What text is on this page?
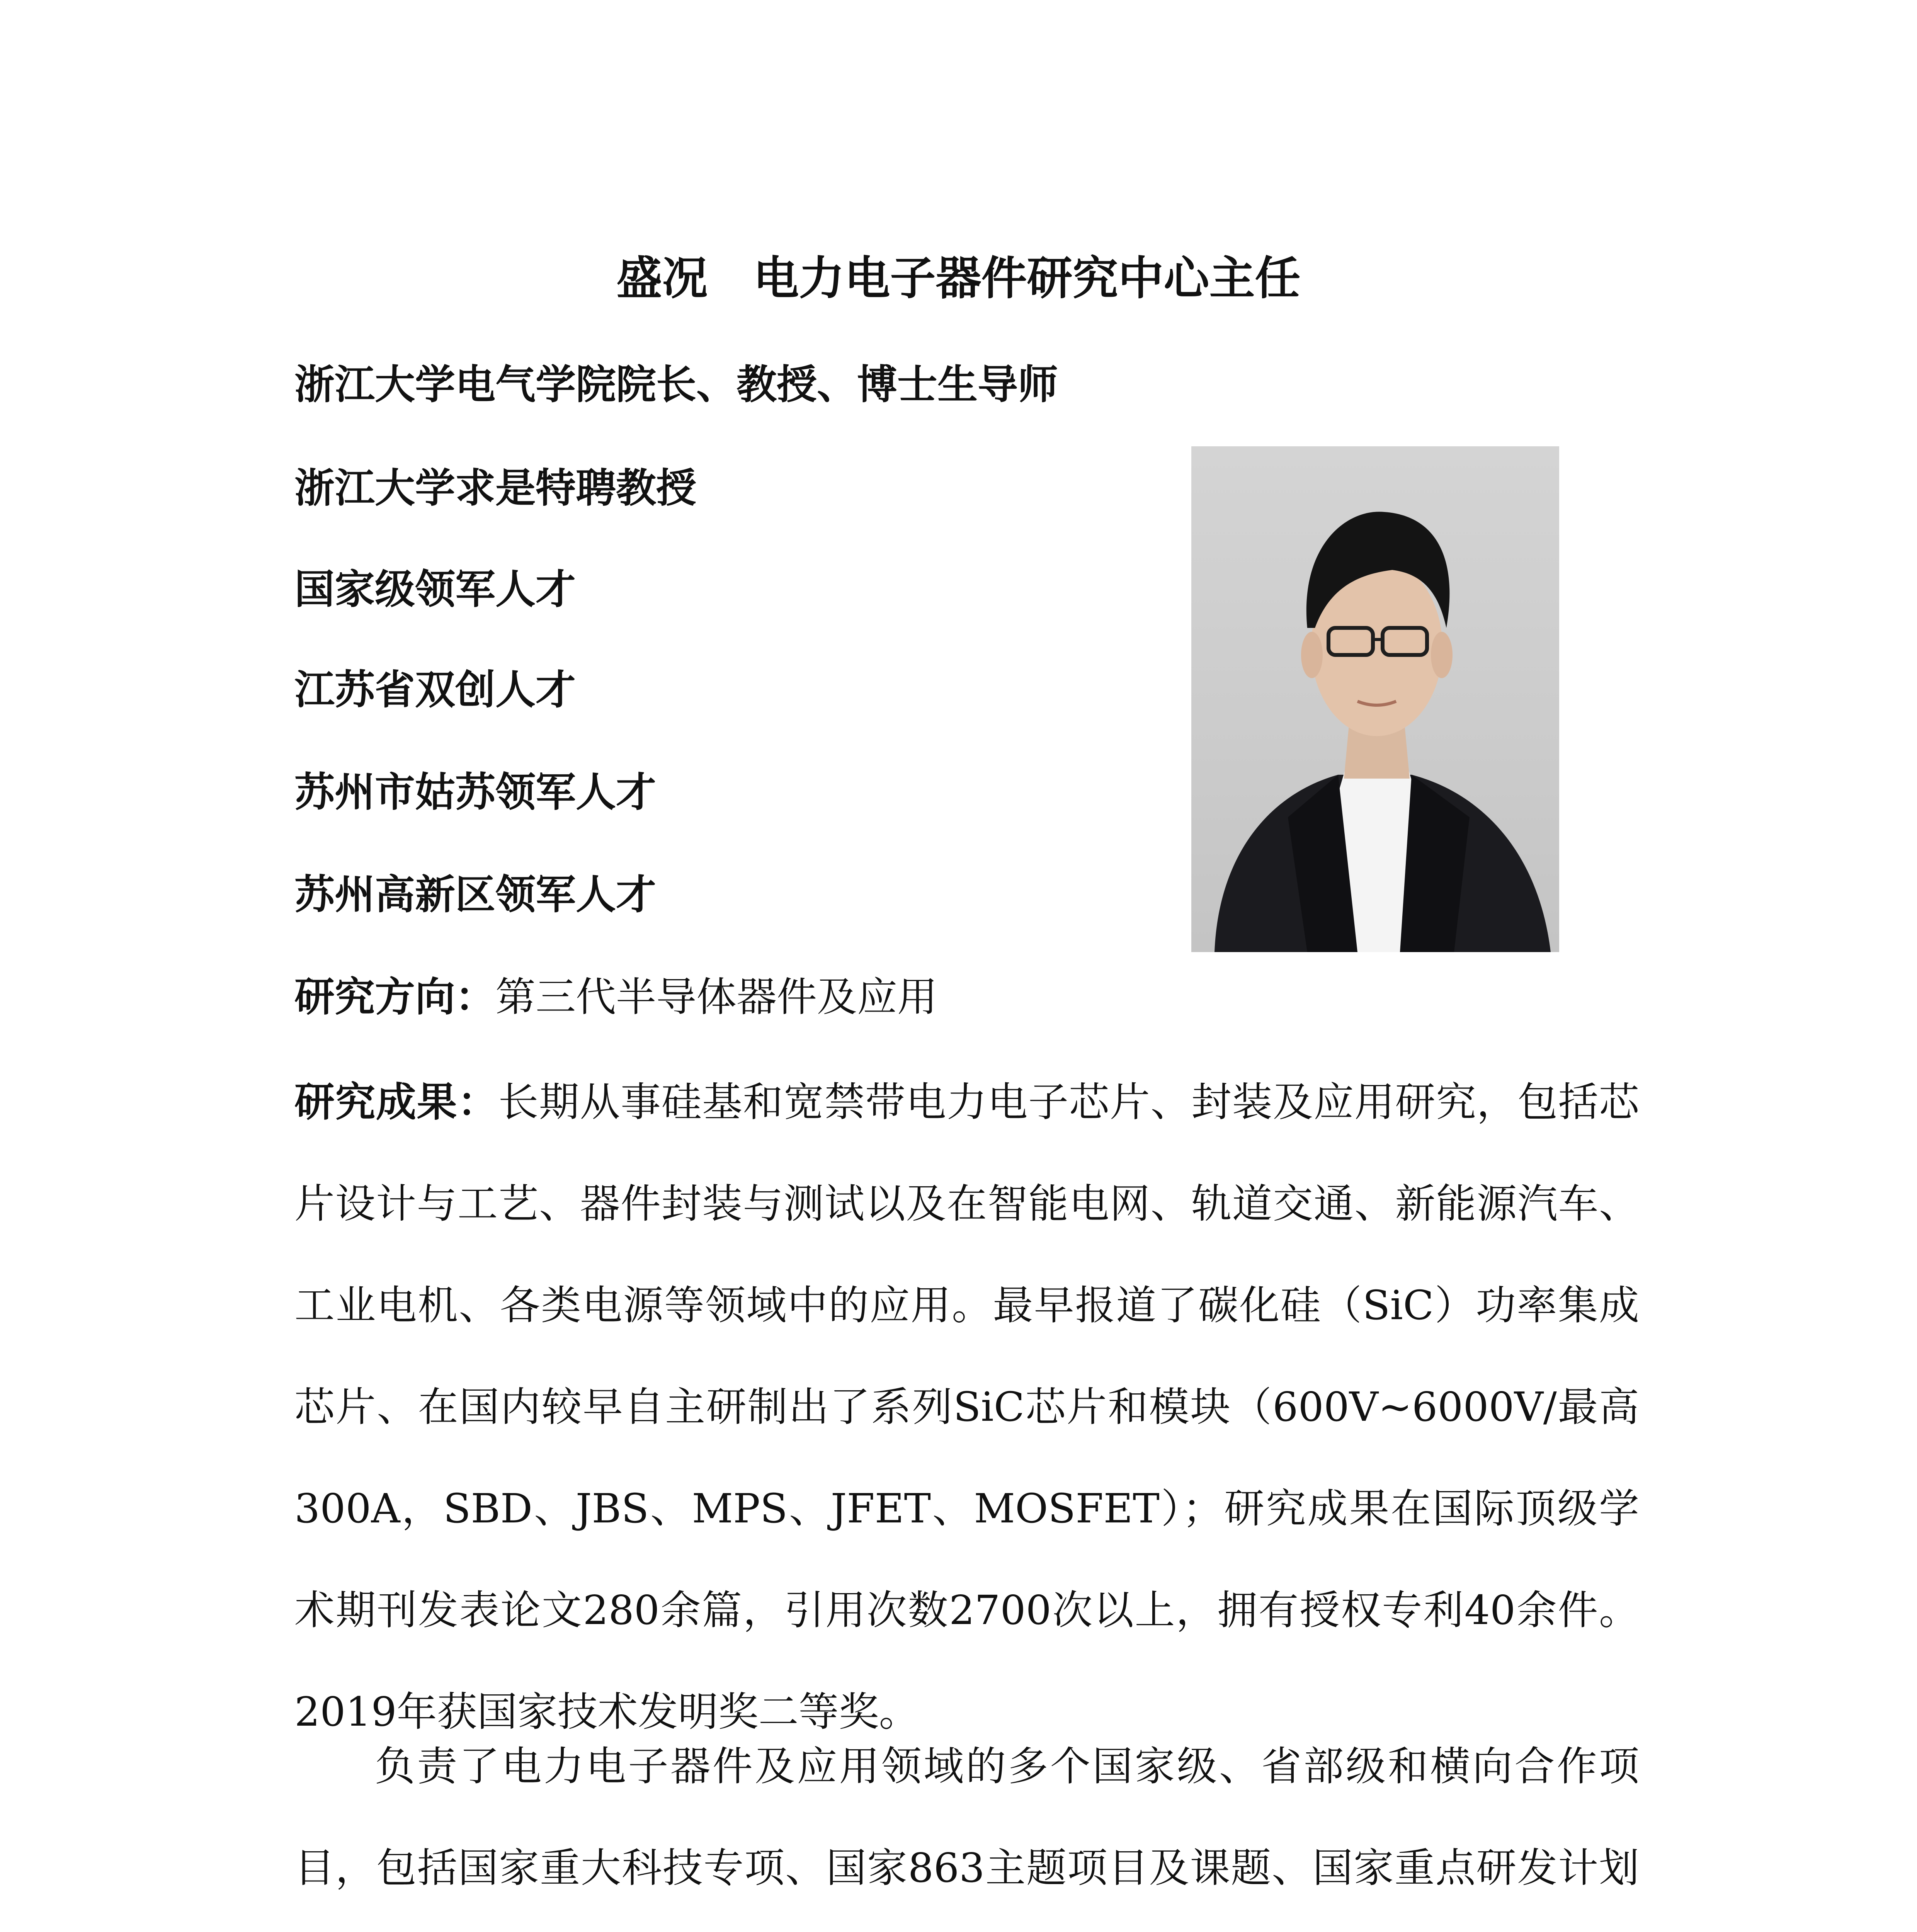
盛况　电力电子器件研究中心主任
浙江大学电气学院院长、教授、博士生导师
浙江大学求是特聘教授
国家级领军人才
江苏省双创人才
苏州市姑苏领军人才
苏州高新区领军人才
研究方向：第三代半导体器件及应用
研究成果：长期从事硅基和宽禁带电力电子芯片、封装及应用研究，包括芯片设计与工艺、器件封装与测试以及在智能电网、轨道交通、新能源汽车、工业电机、各类电源等领域中的应用。最早报道了碳化硅（SiC）功率集成芯片、在国内较早自主研制出了系列SiC芯片和模块（600V~6000V/最高300A，SBD、JBS、MPS、JFET、MOSFET）；研究成果在国际顶级学术期刊发表论文280余篇，引用次数2700次以上，拥有授权专利40余件。2019年获国家技术发明奖二等奖。
负责了电力电子器件及应用领域的多个国家级、省部级和横向合作项目，包括国家重大科技专项、国家863主题项目及课题、国家重点研发计划
